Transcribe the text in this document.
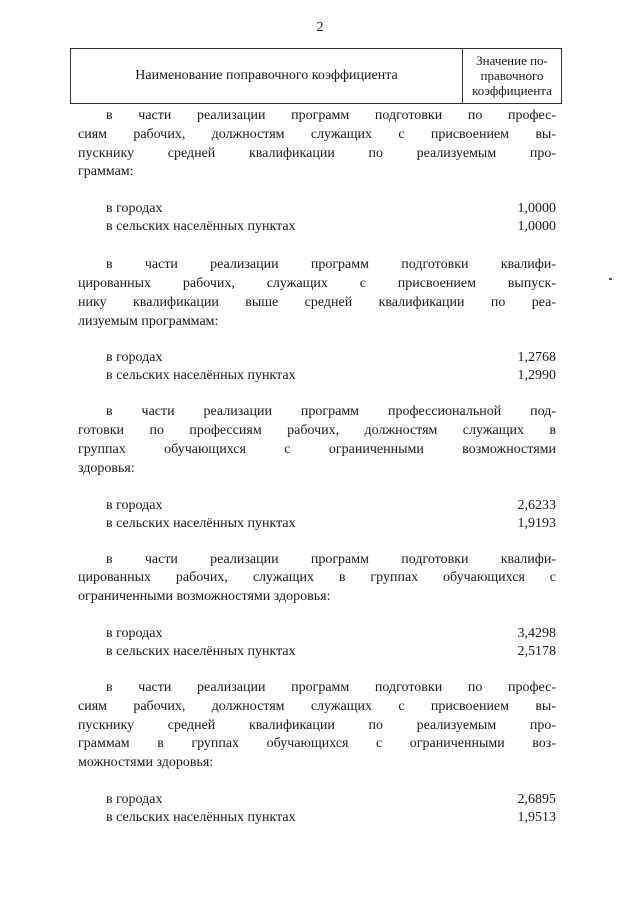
2
Наименование поправочного коэффициента
Значение по-
правочного
коэффициента
в части реализации программ подготовки по профес-
сиям рабочих, должностям служащих с присвоением вы-
пускнику средней квалификации по реализуемым про-
граммам:
в городах	1,0000
в сельских населённых пунктах	1,0000
в части реализации программ подготовки квалифи-
цированных рабочих, служащих с присвоением выпуск-
нику квалификации выше средней квалификации по реа-
лизуемым программам:
в городах	1,2768
в сельских населённых пунктах	1,2990
в части реализации программ профессиональной под-
готовки по профессиям рабочих, должностям служащих в
группах обучающихся с ограниченными возможностями
здоровья:
в городах	2,6233
в сельских населённых пунктах	1,9193
в части реализации программ подготовки квалифи-
цированных рабочих, служащих в группах обучающихся с
ограниченными возможностями здоровья:
в городах	3,4298
в сельских населённых пунктах	2,5178
в части реализации программ подготовки по профес-
сиям рабочих, должностям служащих с присвоением вы-
пускнику средней квалификации по реализуемым про-
граммам в группах обучающихся с ограниченными воз-
можностями здоровья:
в городах	2,6895
в сельских населённых пунктах	1,9513
